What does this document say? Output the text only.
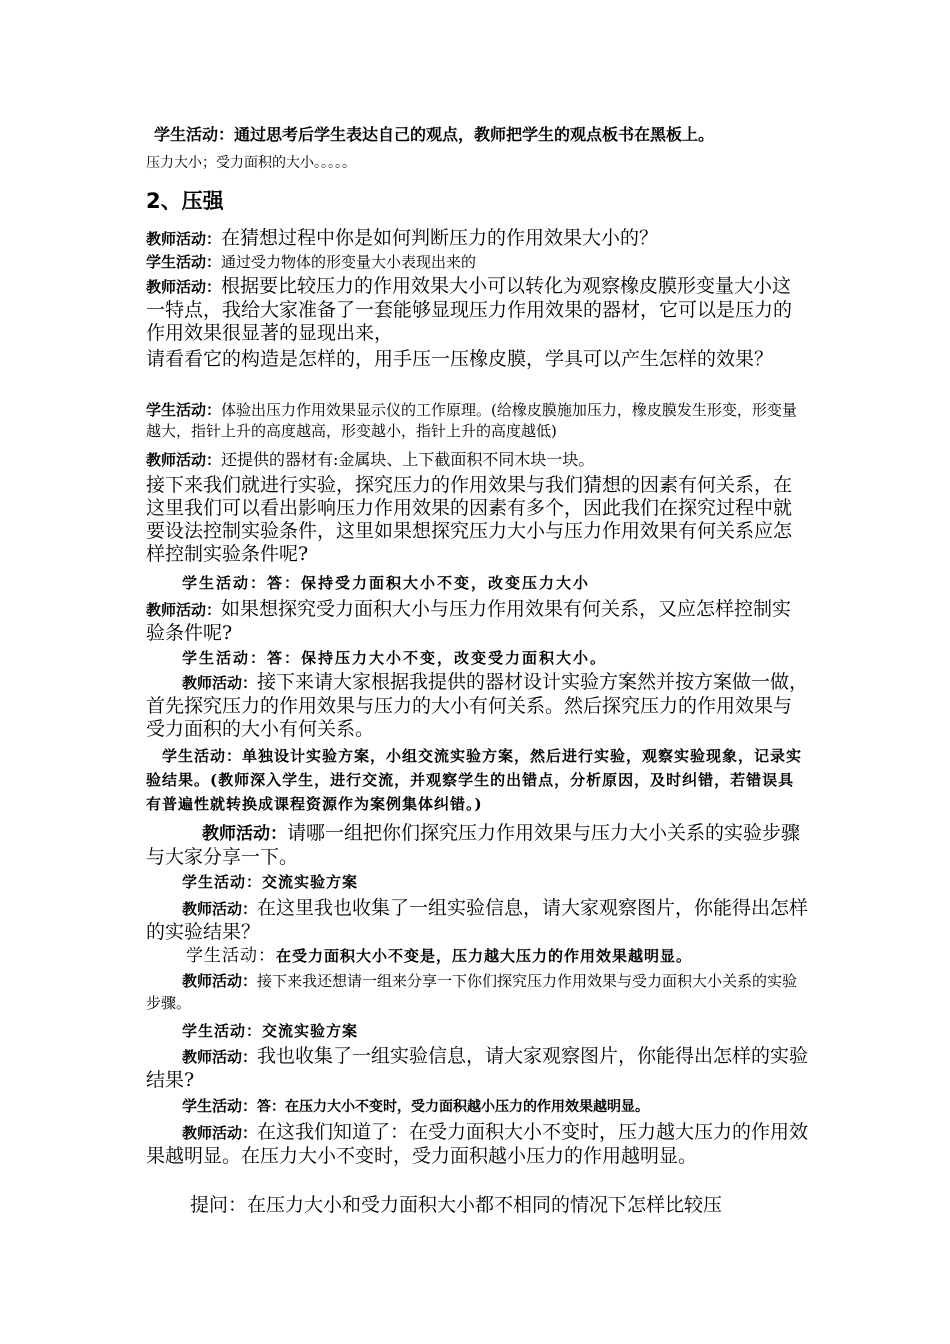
学生活动：通过思考后学生表达自己的观点，教师把学生的观点板书在黑板上。

压力大小；受力面积的大小。。。。。

2、压强

教师活动：在猜想过程中你是如何判断压力的作用效果大小的？

学生活动：通过受力物体的形变量大小表现出来的

教师活动：根据要比较压力的作用效果大小可以转化为观察橡皮膜形变量大小这一特点，我给大家准备了一套能够显现压力作用效果的器材，它可以是压力的作用效果很显著的显现出来，

请看看它的构造是怎样的，用手压一压橡皮膜，学具可以产生怎样的效果？

学生活动：体验出压力作用效果显示仪的工作原理。(给橡皮膜施加压力，橡皮膜发生形变，形变量越大，指针上升的高度越高，形变越小，指针上升的高度越低)

教师活动：还提供的器材有:金属块、上下截面积不同木块一块。

接下来我们就进行实验，探究压力的作用效果与我们猜想的因素有何关系，在这里我们可以看出影响压力作用效果的因素有多个，因此我们在探究过程中就要设法控制实验条件，这里如果想探究压力大小与压力作用效果有何关系应怎样控制实验条件呢?

学生活动：答：保持受力面积大小不变，改变压力大小

教师活动：如果想探究受力面积大小与压力作用效果有何关系，又应怎样控制实验条件呢?

学生活动：答：保持压力大小不变，改变受力面积大小。

教师活动：接下来请大家根据我提供的器材设计实验方案然并按方案做一做，首先探究压力的作用效果与压力的大小有何关系。然后探究压力的作用效果与受力面积的大小有何关系。

学生活动：单独设计实验方案，小组交流实验方案，然后进行实验，观察实验现象，记录实验结果。(教师深入学生，进行交流，并观察学生的出错点，分析原因，及时纠错，若错误具有普遍性就转换成课程资源作为案例集体纠错。)

教师活动：请哪一组把你们探究压力作用效果与压力大小关系的实验步骤与大家分享一下。

学生活动：交流实验方案

教师活动：在这里我也收集了一组实验信息，请大家观察图片，你能得出怎样的实验结果？

学生活动：在受力面积大小不变是，压力越大压力的作用效果越明显。

教师活动：接下来我还想请一组来分享一下你们探究压力作用效果与受力面积大小关系的实验步骤。

学生活动：交流实验方案

教师活动：我也收集了一组实验信息，请大家观察图片，你能得出怎样的实验结果?

学生活动：答：在压力大小不变时，受力面积越小压力的作用效果越明显。

教师活动：在这我们知道了：在受力面积大小不变时，压力越大压力的作用效果越明显。在压力大小不变时，受力面积越小压力的作用越明显。

提问：在压力大小和受力面积大小都不相同的情况下怎样比较压
